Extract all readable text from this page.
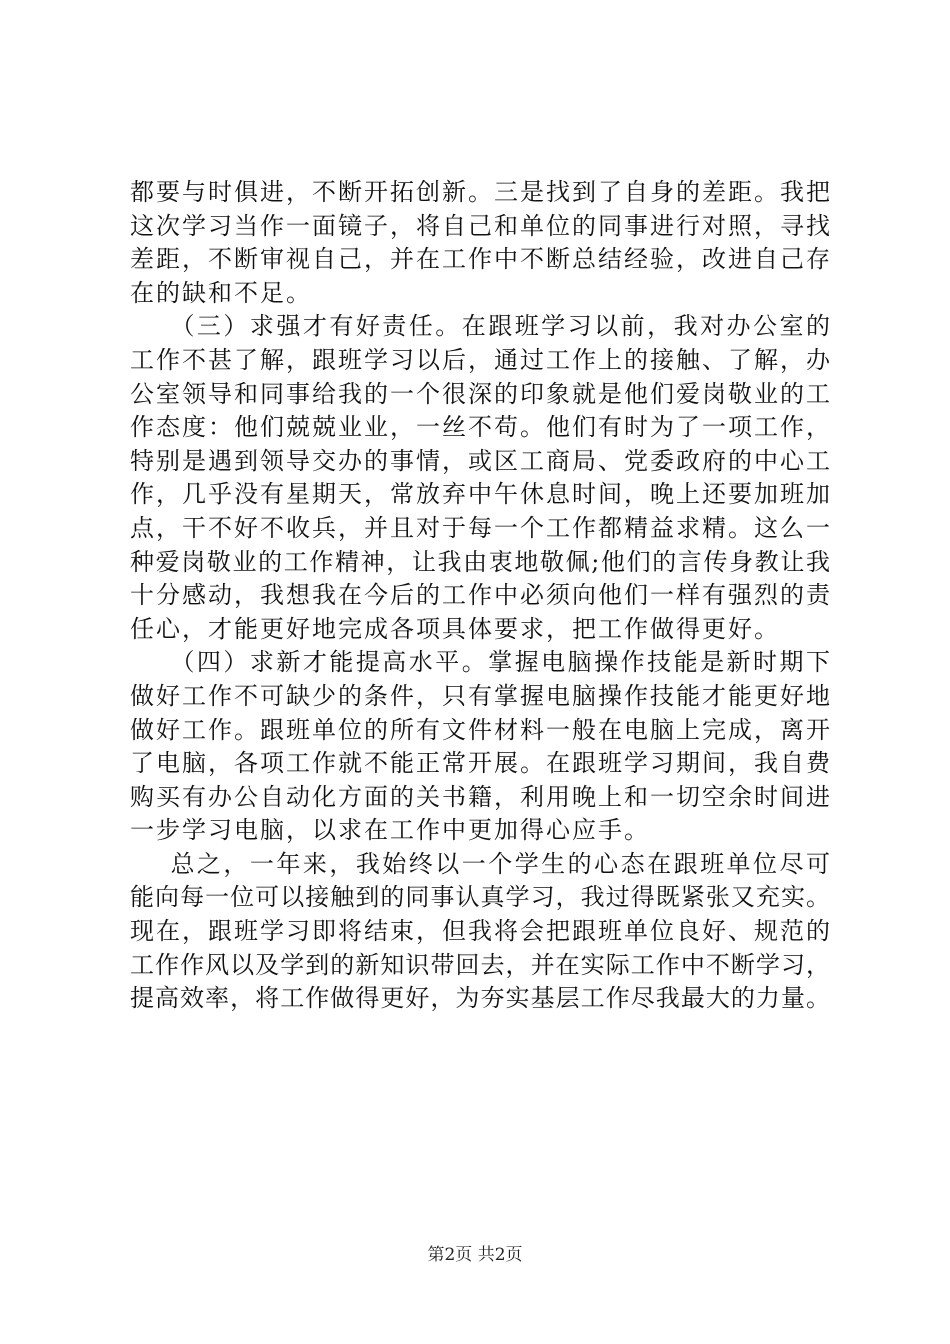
都要与时俱进，不断开拓创新。三是找到了自身的差距。我把
这次学习当作一面镜子，将自己和单位的同事进行对照，寻找
差距，不断审视自己，并在工作中不断总结经验，改进自己存
在的缺和不足。
（三）求强才有好责任。在跟班学习以前，我对办公室的
工作不甚了解，跟班学习以后，通过工作上的接触、了解，办
公室领导和同事给我的一个很深的印象就是他们爱岗敬业的工
作态度：他们兢兢业业，一丝不苟。他们有时为了一项工作，
特别是遇到领导交办的事情，或区工商局、党委政府的中心工
作，几乎没有星期天，常放弃中午休息时间，晚上还要加班加
点，干不好不收兵，并且对于每一个工作都精益求精。这么一
种爱岗敬业的工作精神，让我由衷地敬佩;他们的言传身教让我
十分感动，我想我在今后的工作中必须向他们一样有强烈的责
任心，才能更好地完成各项具体要求，把工作做得更好。
（四）求新才能提高水平。掌握电脑操作技能是新时期下
做好工作不可缺少的条件，只有掌握电脑操作技能才能更好地
做好工作。跟班单位的所有文件材料一般在电脑上完成，离开
了电脑，各项工作就不能正常开展。在跟班学习期间，我自费
购买有办公自动化方面的关书籍，利用晚上和一切空余时间进
一步学习电脑，以求在工作中更加得心应手。
总之，一年来，我始终以一个学生的心态在跟班单位尽可
能向每一位可以接触到的同事认真学习，我过得既紧张又充实。
现在，跟班学习即将结束，但我将会把跟班单位良好、规范的
工作作风以及学到的新知识带回去，并在实际工作中不断学习，
提高效率，将工作做得更好，为夯实基层工作尽我最大的力量。
第2页 共2页
